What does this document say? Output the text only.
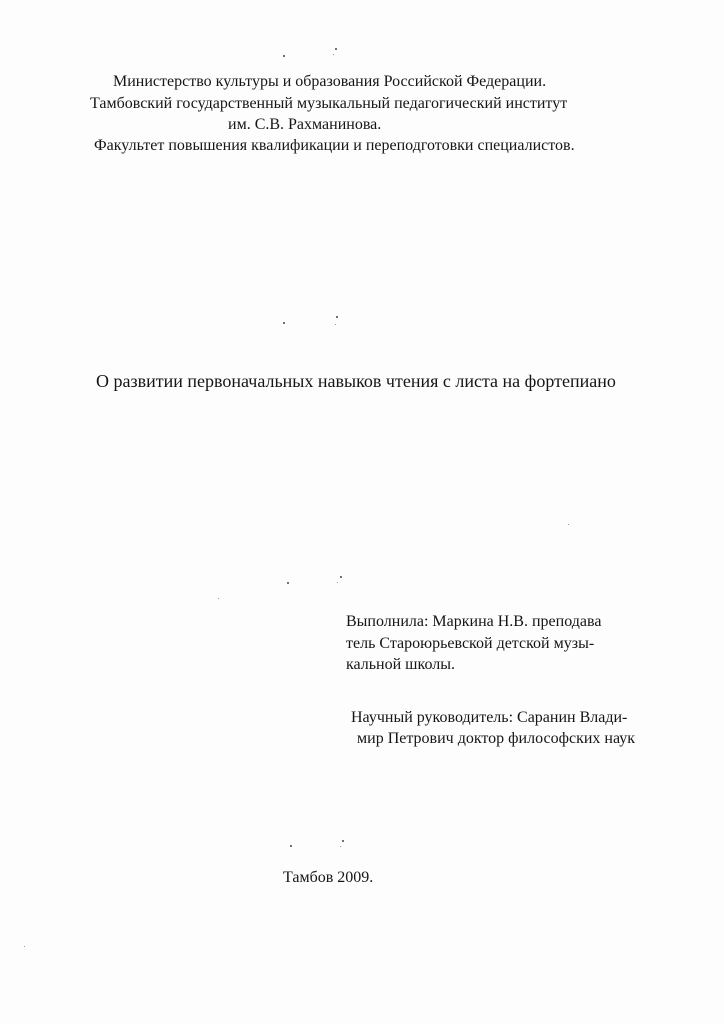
Министерство культуры и образования Российской Федерации.
Тамбовский государственный музыкальный педагогический институт
им. С.В. Рахманинова.
Факультет повышения квалификации и переподготовки специалистов.
О развитии первоначальных навыков чтения с листа на фортепиано
Выполнила: Маркина Н.В. преподава
тель Староюрьевской детской музы-
кальной школы.
Научный руководитель: Саранин Влади-
мир Петрович доктор философских наук
Тамбов 2009.
